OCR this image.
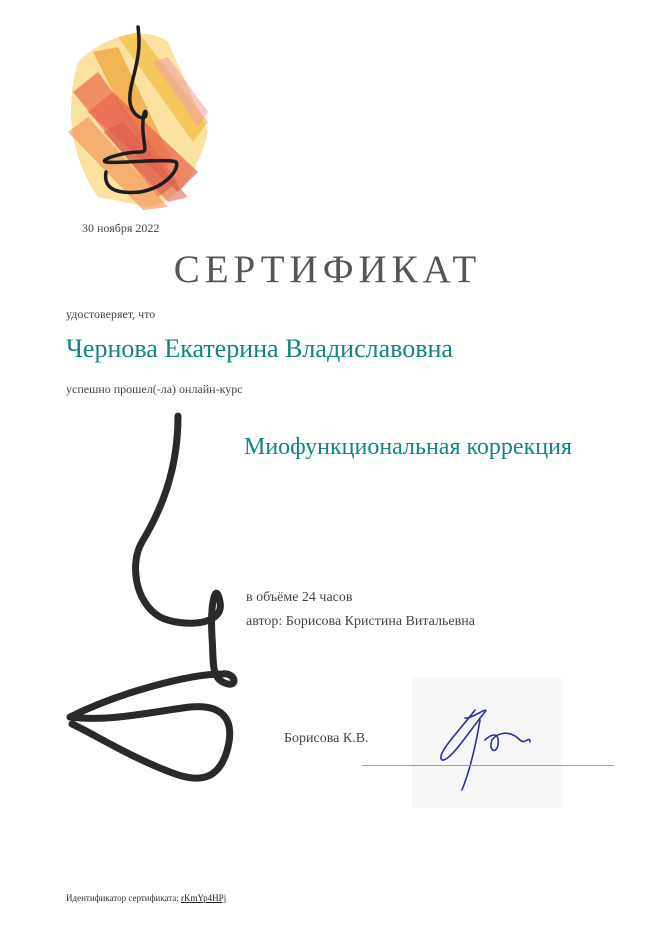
30 ноября 2022
СЕРТИФИКАТ
удостоверяет, что
Чернова Екатерина Владиславовна
успешно прошел(-ла) онлайн-курс
Миофункциональная коррекция
в объёме 24 часов
автор: Борисова Кристина Витальевна
Борисова К.В.
Идентификатор сертификата: rKmYp4HPj
